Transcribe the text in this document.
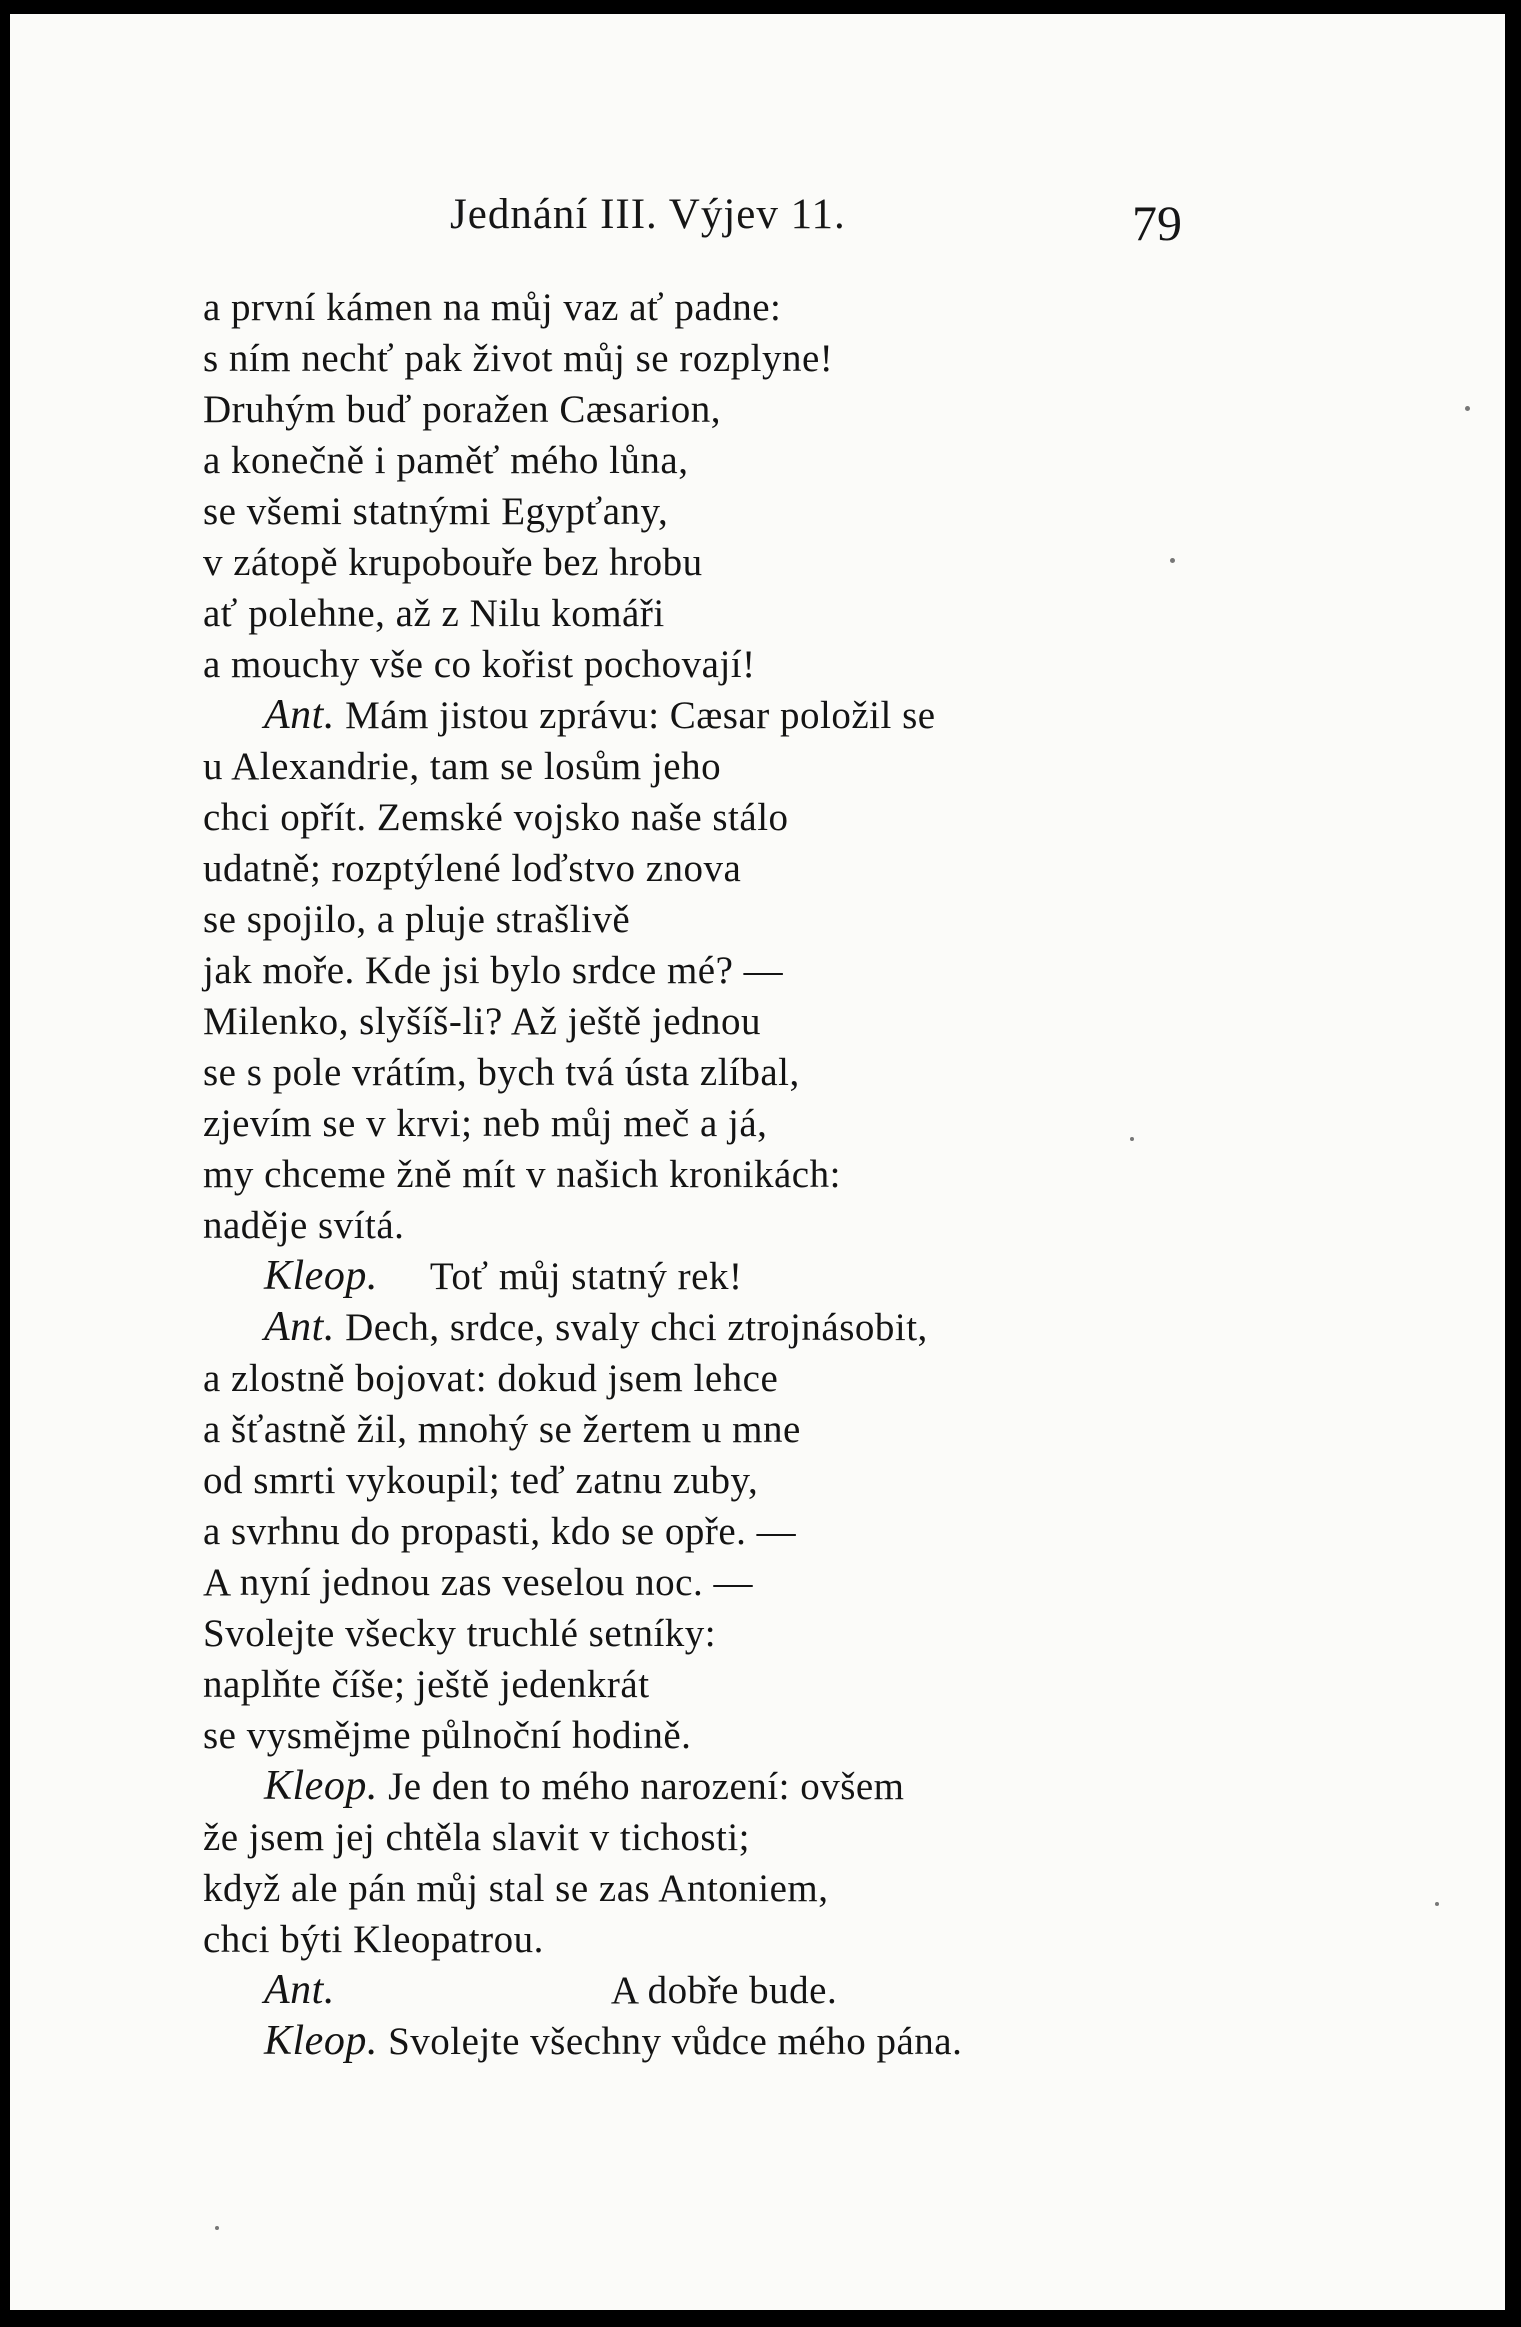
Jednání III. Výjev 11.	79
a první kámen na můj vaz ať padne:
s ním nechť pak život můj se rozplyne!
Druhým buď poražen Cæsarion,
a konečně i paměť mého lůna,
se všemi statnými Egypťany,
v zátopě krupobouře bez hrobu
ať polehne, až z Nilu komáři
a mouchy vše co kořist pochovají!
Ant. Mám jistou zprávu: Cæsar položil se
u Alexandrie, tam se losům jeho
chci opřít. Zemské vojsko naše stálo
udatně; rozptýlené loďstvo znova
se spojilo, a pluje strašlivě
jak moře. Kde jsi bylo srdce mé? —
Milenko, slyšíš-li? Až ještě jednou
se s pole vrátím, bych tvá ústa zlíbal,
zjevím se v krvi; neb můj meč a já,
my chceme žně mít v našich kronikách:
naděje svítá.
Kleop. Toť můj statný rek!
Ant. Dech, srdce, svaly chci ztrojnásobit,
a zlostně bojovat: dokud jsem lehce
a šťastně žil, mnohý se žertem u mne
od smrti vykoupil; teď zatnu zuby,
a svrhnu do propasti, kdo se opře. —
A nyní jednou zas veselou noc. —
Svolejte všecky truchlé setníky:
naplňte číše; ještě jedenkrát
se vysmějme půlnoční hodině.
Kleop. Je den to mého narození: ovšem
že jsem jej chtěla slavit v tichosti;
když ale pán můj stal se zas Antoniem,
chci býti Kleopatrou.
Ant.	A dobře bude.
Kleop. Svolejte všechny vůdce mého pána.
